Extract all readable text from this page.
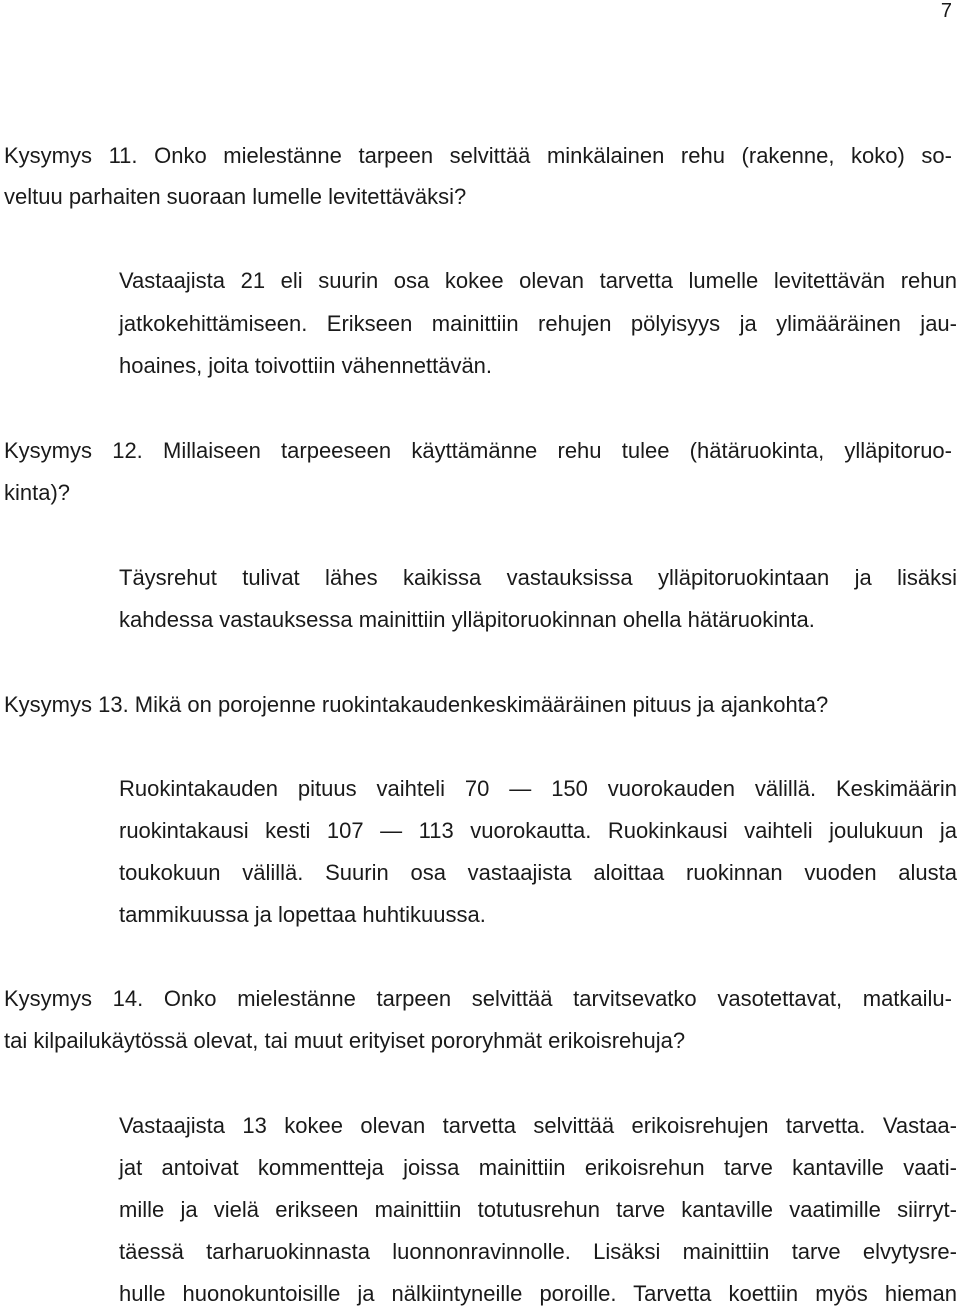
7
Kysymys 11. Onko mielestänne tarpeen selvittää minkälainen rehu (rakenne, koko) so-
veltuu parhaiten suoraan lumelle levitettäväksi?
Vastaajista 21 eli suurin osa kokee olevan tarvetta lumelle levitettävän rehun
jatkokehittämiseen. Erikseen mainittiin rehujen pölyisyys ja ylimääräinen jau-
hoaines, joita toivottiin vähennettävän.
Kysymys 12. Millaiseen tarpeeseen käyttämänne rehu tulee (hätäruokinta, ylläpitoruo-
kinta)?
Täysrehut tulivat lähes kaikissa vastauksissa ylläpitoruokintaan ja lisäksi
kahdessa vastauksessa mainittiin ylläpitoruokinnan ohella hätäruokinta.
Kysymys 13. Mikä on porojenne ruokintakaudenkeskimääräinen pituus ja ajankohta?
Ruokintakauden pituus vaihteli 70 — 150 vuorokauden välillä. Keskimäärin
ruokintakausi kesti 107 — 113 vuorokautta. Ruokinkausi vaihteli joulukuun ja
toukokuun välillä. Suurin osa vastaajista aloittaa ruokinnan vuoden alusta
tammikuussa ja lopettaa huhtikuussa.
Kysymys 14. Onko mielestänne tarpeen selvittää tarvitsevatko vasotettavat, matkailu-
tai kilpailukäytössä olevat, tai muut erityiset pororyhmät erikoisrehuja?
Vastaajista 13 kokee olevan tarvetta selvittää erikoisrehujen tarvetta. Vastaa-
jat antoivat kommentteja joissa mainittiin erikoisrehun tarve kantaville vaati-
mille ja vielä erikseen mainittiin totutusrehun tarve kantaville vaatimille siirryt-
täessä tarharuokinnasta luonnonravinnolle. Lisäksi mainittiin tarve elvytysre-
hulle huonokuntoisille ja nälkiintyneille poroille. Tarvetta koettiin myös hieman
